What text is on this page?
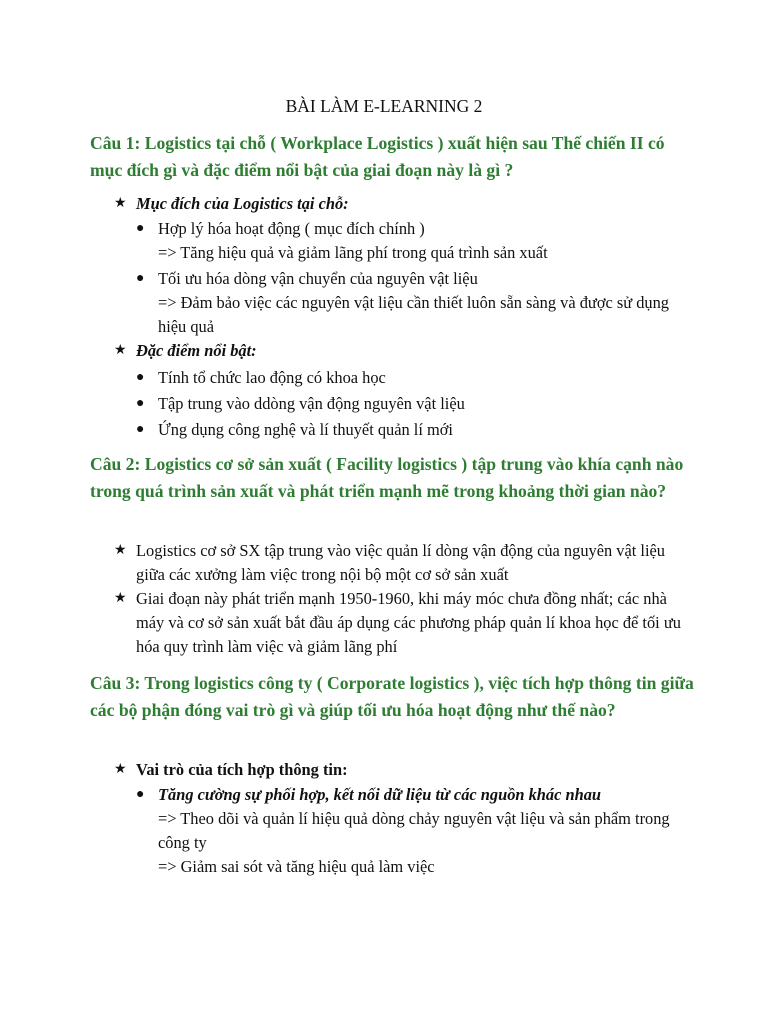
BÀI LÀM E-LEARNING 2
Câu 1: Logistics tại chỗ ( Workplace Logistics ) xuất hiện sau Thế chiến II có mục đích gì và đặc điểm nổi bật của giai đoạn này là gì ?
★ Mục đích của Logistics tại chỗ:
● Hợp lý hóa hoạt động ( mục đích chính )
=> Tăng hiệu quả và giảm lãng phí trong quá trình sản xuất
● Tối ưu hóa dòng vận chuyển của nguyên vật liệu
=> Đảm bảo việc các nguyên vật liệu cần thiết luôn sẵn sàng và được sử dụng hiệu quả
★ Đặc điểm nổi bật:
● Tính tổ chức lao động có khoa học
● Tập trung vào ddòng vận động nguyên vật liệu
● Ứng dụng công nghệ và lí thuyết quản lí mới
Câu 2: Logistics cơ sở sản xuất ( Facility logistics ) tập trung vào khía cạnh nào trong quá trình sản xuất và phát triển mạnh mẽ trong khoảng thời gian nào?
★ Logistics cơ sở SX tập trung vào việc quản lí dòng vận động của nguyên vật liệu giữa các xưởng làm việc trong nội bộ một cơ sở sản xuất
★ Giai đoạn này phát triển mạnh 1950-1960, khi máy móc chưa đồng nhất; các nhà máy và cơ sở sản xuất bắt đầu áp dụng các phương pháp quản lí khoa học để tối ưu hóa quy trình làm việc và giảm lãng phí
Câu 3: Trong logistics công ty ( Corporate logistics ), việc tích hợp thông tin giữa các bộ phận đóng vai trò gì và giúp tối ưu hóa hoạt động như thế nào?
★ Vai trò của tích hợp thông tin:
● Tăng cường sự phối hợp, kết nối dữ liệu từ các nguồn khác nhau
=> Theo dõi và quản lí hiệu quả dòng chảy nguyên vật liệu và sản phẩm trong công ty
=> Giảm sai sót và tăng hiệu quả làm việc
